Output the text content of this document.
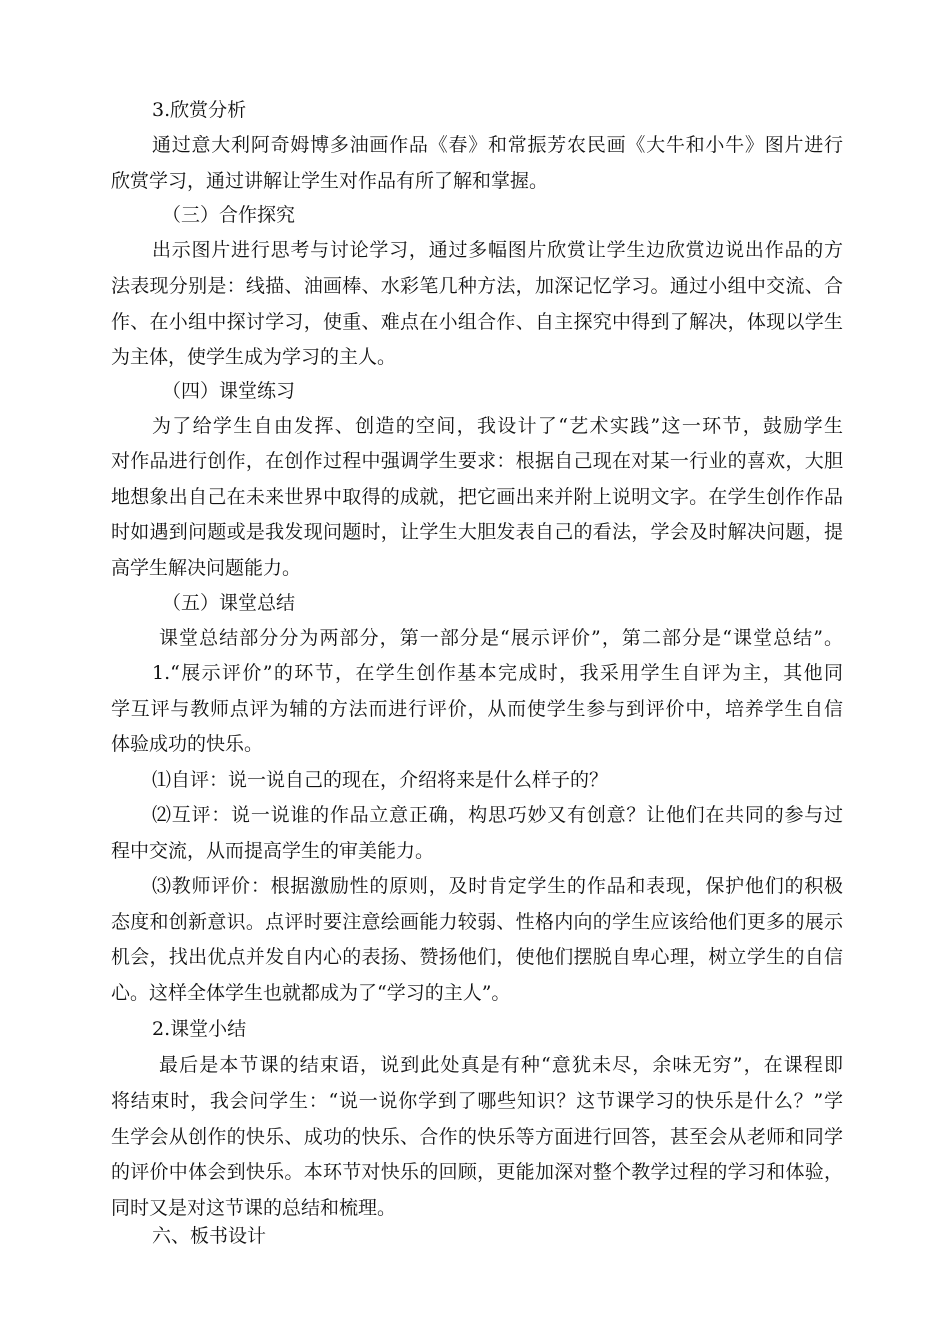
3.欣赏分析
通过意大利阿奇姆博多油画作品《春》和常振芳农民画《大牛和小牛》图片进行
欣赏学习，通过讲解让学生对作品有所了解和掌握。
（三）合作探究
出示图片进行思考与讨论学习，通过多幅图片欣赏让学生边欣赏边说出作品的方
法表现分别是：线描、油画棒、水彩笔几种方法，加深记忆学习。通过小组中交流、合
作、在小组中探讨学习，使重、难点在小组合作、自主探究中得到了解决，体现以学生
为主体，使学生成为学习的主人。
（四）课堂练习
为了给学生自由发挥、创造的空间，我设计了“艺术实践”这一环节，鼓励学生
对作品进行创作，在创作过程中强调学生要求：根据自己现在对某一行业的喜欢，大胆
地想象出自己在未来世界中取得的成就，把它画出来并附上说明文字。在学生创作作品
时如遇到问题或是我发现问题时，让学生大胆发表自己的看法，学会及时解决问题，提
高学生解决问题能力。
（五）课堂总结
课堂总结部分分为两部分，第一部分是“展示评价”，第二部分是“课堂总结”。
1.“展示评价”的环节，在学生创作基本完成时，我采用学生自评为主，其他同
学互评与教师点评为辅的方法而进行评价，从而使学生参与到评价中，培养学生自信
体验成功的快乐。
⑴自评：说一说自己的现在，介绍将来是什么样子的？
⑵互评：说一说谁的作品立意正确，构思巧妙又有创意？让他们在共同的参与过
程中交流，从而提高学生的审美能力。
⑶教师评价：根据激励性的原则，及时肯定学生的作品和表现，保护他们的积极
态度和创新意识。点评时要注意绘画能力较弱、性格内向的学生应该给他们更多的展示
机会，找出优点并发自内心的表扬、赞扬他们，使他们摆脱自卑心理，树立学生的自信
心。这样全体学生也就都成为了“学习的主人”。
2.课堂小结
最后是本节课的结束语，说到此处真是有种“意犹未尽，余味无穷”，在课程即
将结束时，我会问学生：“说一说你学到了哪些知识？这节课学习的快乐是什么？”学
生学会从创作的快乐、成功的快乐、合作的快乐等方面进行回答，甚至会从老师和同学
的评价中体会到快乐。本环节对快乐的回顾，更能加深对整个教学过程的学习和体验，
同时又是对这节课的总结和梳理。
六、板书设计
